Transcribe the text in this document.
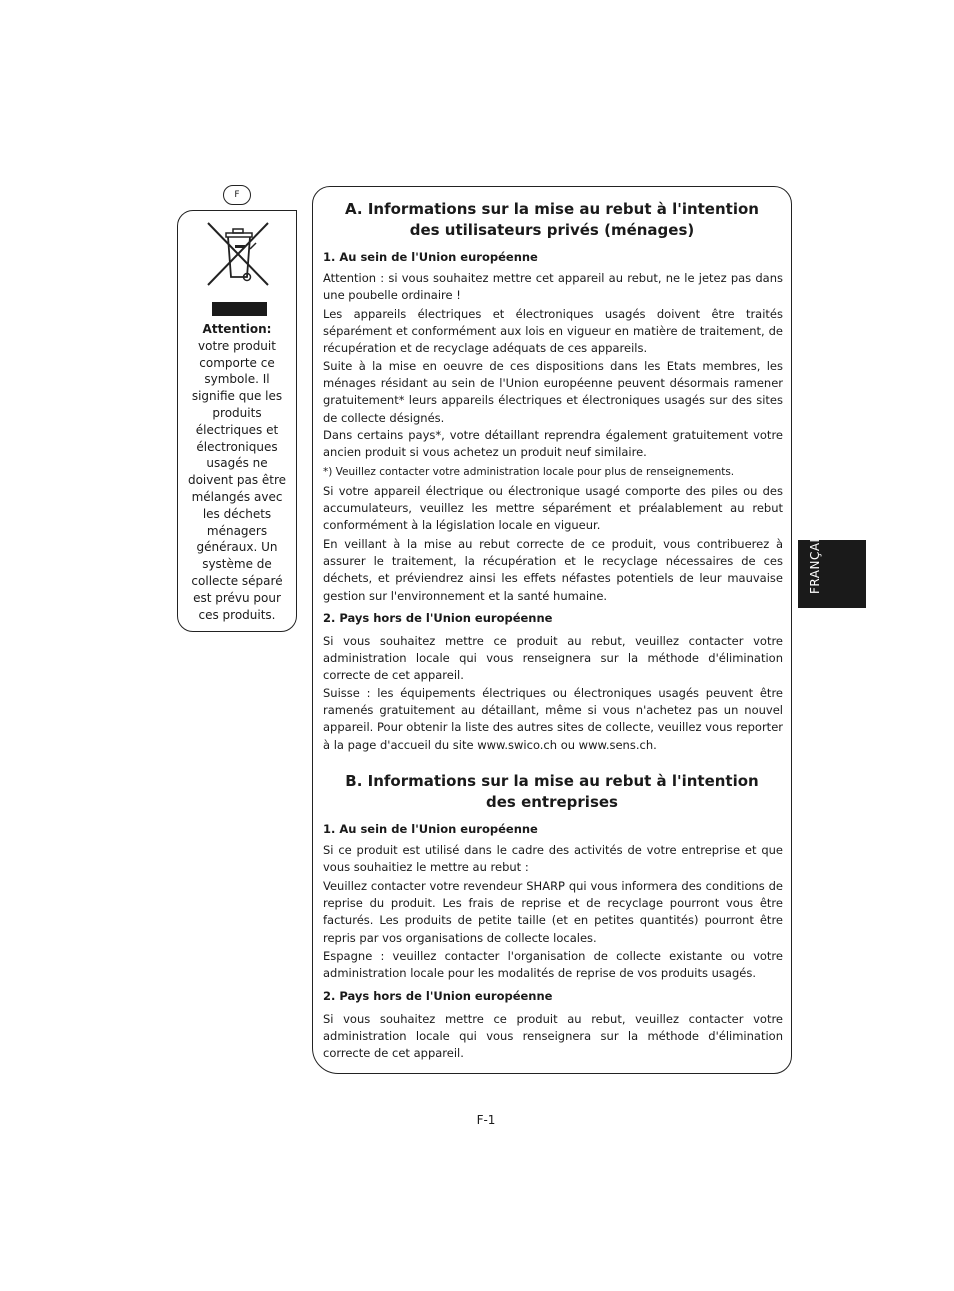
F
Attention:
votre produit comporte ce symbole. Il signifie que les produits électriques et électroniques usagés ne doivent pas être mélangés avec les déchets ménagers généraux. Un système de collecte séparé est prévu pour ces produits.
A. Informations sur la mise au rebut à l'intention
des utilisateurs privés (ménages)
1. Au sein de l'Union européenne

Attention : si vous souhaitez mettre cet appareil au rebut, ne le jetez pas dans une poubelle ordinaire !

Les appareils électriques et électroniques usagés doivent être traités séparément et conformément aux lois en vigueur en matière de traitement, de récupération et de recyclage adéquats de ces appareils.

Suite à la mise en oeuvre de ces dispositions dans les Etats membres, les ménages résidant au sein de l'Union européenne peuvent désormais ramener gratuitement* leurs appareils électriques et électroniques usagés sur des sites de collecte désignés.

Dans certains pays*, votre détaillant reprendra également gratuitement votre ancien produit si vous achetez un produit neuf similaire.

*) Veuillez contacter votre administration locale pour plus de renseignements.

Si votre appareil électrique ou électronique usagé comporte des piles ou des accumulateurs, veuillez les mettre séparément et préalablement au rebut conformément à la législation locale en vigueur.

En veillant à la mise au rebut correcte de ce produit, vous contribuerez à assurer le traitement, la récupération et le recyclage nécessaires de ces déchets, et préviendrez ainsi les effets néfastes potentiels de leur mauvaise gestion sur l'environnement et la santé humaine.

2. Pays hors de l'Union européenne

Si vous souhaitez mettre ce produit au rebut, veuillez contacter votre administration locale qui vous renseignera sur la méthode d'élimination correcte de cet appareil.

Suisse : les équipements électriques ou électroniques usagés peuvent être ramenés gratuitement au détaillant, même si vous n'achetez pas un nouvel appareil. Pour obtenir la liste des autres sites de collecte, veuillez vous reporter à la page d'accueil du site www.swico.ch ou www.sens.ch.

B. Informations sur la mise au rebut à l'intention
des entreprises
1. Au sein de l'Union européenne

Si ce produit est utilisé dans le cadre des activités de votre entreprise et que vous souhaitiez le mettre au rebut :

Veuillez contacter votre revendeur SHARP qui vous informera des conditions de reprise du produit. Les frais de reprise et de recyclage pourront vous être facturés. Les produits de petite taille (et en petites quantités) pourront être repris par vos organisations de collecte locales.

Espagne : veuillez contacter l'organisation de collecte existante ou votre administration locale pour les modalités de reprise de vos produits usagés.

2. Pays hors de l'Union européenne

Si vous souhaitez mettre ce produit au rebut, veuillez contacter votre administration locale qui vous renseignera sur la méthode d'élimination correcte de cet appareil.

FRANÇAIS
F-1
